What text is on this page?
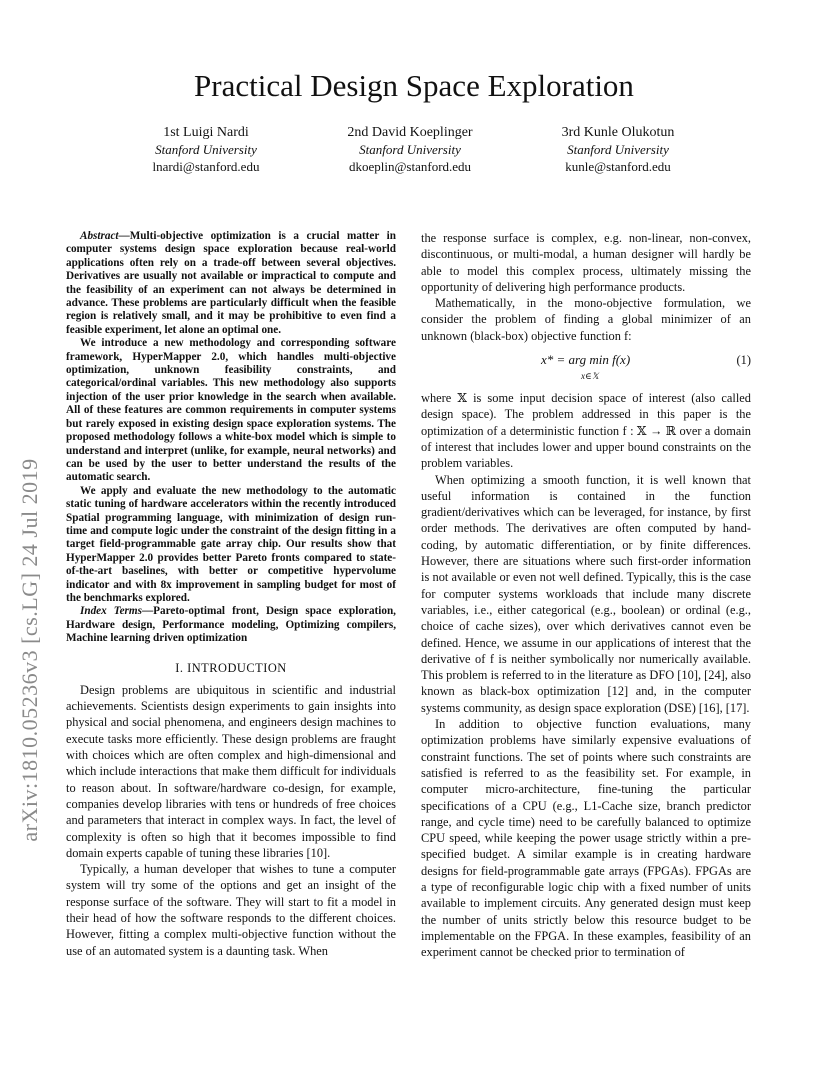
arXiv:1810.05236v3 [cs.LG] 24 Jul 2019
Practical Design Space Exploration
1st Luigi Nardi
Stanford University
lnardi@stanford.edu
2nd David Koeplinger
Stanford University
dkoeplin@stanford.edu
3rd Kunle Olukotun
Stanford University
kunle@stanford.edu

Abstract—Multi-objective optimization is a crucial matter in computer systems design space exploration because real-world applications often rely on a trade-off between several objectives. Derivatives are usually not available or impractical to compute and the feasibility of an experiment can not always be determined in advance. These problems are particularly difficult when the feasible region is relatively small, and it may be prohibitive to even find a feasible experiment, let alone an optimal one.

We introduce a new methodology and corresponding software framework, HyperMapper 2.0, which handles multi-objective optimization, unknown feasibility constraints, and categorical/ordinal variables. This new methodology also supports injection of the user prior knowledge in the search when available. All of these features are common requirements in computer systems but rarely exposed in existing design space exploration systems. The proposed methodology follows a white-box model which is simple to understand and interpret (unlike, for example, neural networks) and can be used by the user to better understand the results of the automatic search.

We apply and evaluate the new methodology to the automatic static tuning of hardware accelerators within the recently introduced Spatial programming language, with minimization of design run-time and compute logic under the constraint of the design fitting in a target field-programmable gate array chip. Our results show that HyperMapper 2.0 provides better Pareto fronts compared to state-of-the-art baselines, with better or competitive hypervolume indicator and with 8x improvement in sampling budget for most of the benchmarks explored.

Index Terms—Pareto-optimal front, Design space exploration, Hardware design, Performance modeling, Optimizing compilers, Machine learning driven optimization

I. INTRODUCTION

Design problems are ubiquitous in scientific and industrial achievements. Scientists design experiments to gain insights into physical and social phenomena, and engineers design machines to execute tasks more efficiently. These design problems are fraught with choices which are often complex and high-dimensional and which include interactions that make them difficult for individuals to reason about. In software/hardware co-design, for example, companies develop libraries with tens or hundreds of free choices and parameters that interact in complex ways. In fact, the level of complexity is often so high that it becomes impossible to find domain experts capable of tuning these libraries [10].

Typically, a human developer that wishes to tune a computer system will try some of the options and get an insight of the response surface of the software. They will start to fit a model in their head of how the software responds to the different choices. However, fitting a complex multi-objective function without the use of an automated system is a daunting task. When

the response surface is complex, e.g. non-linear, non-convex, discontinuous, or multi-modal, a human designer will hardly be able to model this complex process, ultimately missing the opportunity of delivering high performance products.

Mathematically, in the mono-objective formulation, we consider the problem of finding a global minimizer of an unknown (black-box) objective function f:

x* = arg min f(x)
x∈𝕏
(1)

where 𝕏 is some input decision space of interest (also called design space). The problem addressed in this paper is the optimization of a deterministic function f : 𝕏 → ℝ over a domain of interest that includes lower and upper bound constraints on the problem variables.

When optimizing a smooth function, it is well known that useful information is contained in the function gradient/derivatives which can be leveraged, for instance, by first order methods. The derivatives are often computed by hand-coding, by automatic differentiation, or by finite differences. However, there are situations where such first-order information is not available or even not well defined. Typically, this is the case for computer systems workloads that include many discrete variables, i.e., either categorical (e.g., boolean) or ordinal (e.g., choice of cache sizes), over which derivatives cannot even be defined. Hence, we assume in our applications of interest that the derivative of f is neither symbolically nor numerically available. This problem is referred to in the literature as DFO [10], [24], also known as black-box optimization [12] and, in the computer systems community, as design space exploration (DSE) [16], [17].

In addition to objective function evaluations, many optimization problems have similarly expensive evaluations of constraint functions. The set of points where such constraints are satisfied is referred to as the feasibility set. For example, in computer micro-architecture, fine-tuning the particular specifications of a CPU (e.g., L1-Cache size, branch predictor range, and cycle time) need to be carefully balanced to optimize CPU speed, while keeping the power usage strictly within a pre-specified budget. A similar example is in creating hardware designs for field-programmable gate arrays (FPGAs). FPGAs are a type of reconfigurable logic chip with a fixed number of units available to implement circuits. Any generated design must keep the number of units strictly below this resource budget to be implementable on the FPGA. In these examples, feasibility of an experiment cannot be checked prior to termination of
